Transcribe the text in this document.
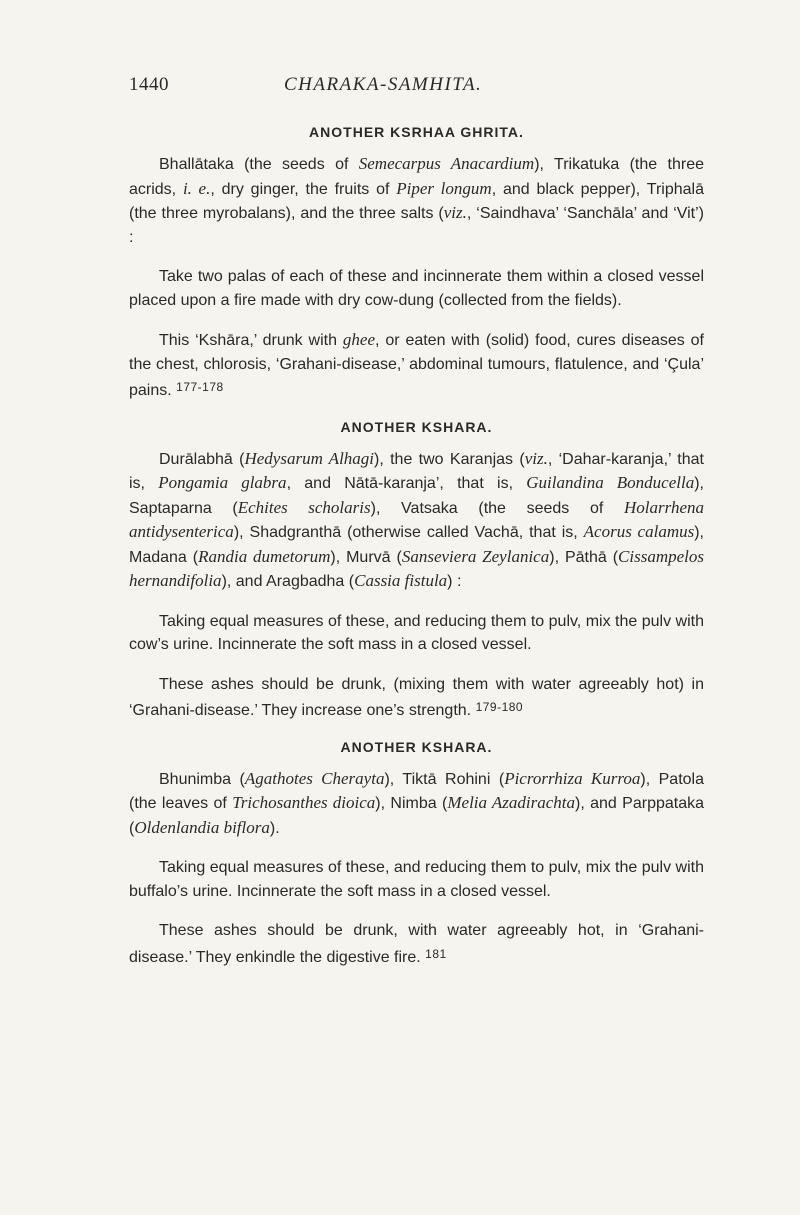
1440	CHARAKA-SAMHITA.
ANOTHER KSRHAA GHRITA.

Bhallātaka (the seeds of Semecarpus Anacardium), Trikatuka (the three acrids, i. e., dry ginger, the fruits of Piper longum, and black pepper), Triphalā (the three myrobalans), and the three salts (viz., ‘Saindhava’ ‘Sanchāla’ and ‘Vit’) :

Take two palas of each of these and incinnerate them within a closed vessel placed upon a fire made with dry cow-dung (collected from the fields).

This ‘Kshāra,’ drunk with ghee, or eaten with (solid) food, cures diseases of the chest, chlorosis, ‘Grahani-disease,’ abdominal tumours, flatulence, and ‘Çula’ pains. $^{177-178}$

ANOTHER KSHARA.

Durālabhā (Hedysarum Alhagi), the two Karanjas (viz., ‘Dahar-karanja,’ that is, Pongamia glabra, and Nātā-karanja’, that is, Guilandina Bonducella), Saptaparna (Echites scholaris), Vatsaka (the seeds of Holarrhena antidysenterica), Shadgranthā (otherwise called Vachā, that is, Acorus calamus), Madana (Randia dumetorum), Murvā (Sanseviera Zeylanica), Pāthā (Cissampelos hernandifolia), and Aragbadha (Cassia fistula) :

Taking equal measures of these, and reducing them to pulv, mix the pulv with cow’s urine. Incinnerate the soft mass in a closed vessel.

These ashes should be drunk, (mixing them with water agreeably hot) in ‘Grahani-disease.’ They increase one’s strength. $^{179-180}$

ANOTHER KSHARA.

Bhunimba (Agathotes Cherayta), Tiktā Rohini (Picrorrhiza Kurroa), Patola (the leaves of Trichosanthes dioica), Nimba (Melia Azadirachta), and Parppataka (Oldenlandia biflora).

Taking equal measures of these, and reducing them to pulv, mix the pulv with buffalo’s urine. Incinnerate the soft mass in a closed vessel.

These ashes should be drunk, with water agreeably hot, in ‘Grahani-disease.’ They enkindle the digestive fire. $^{181}$
